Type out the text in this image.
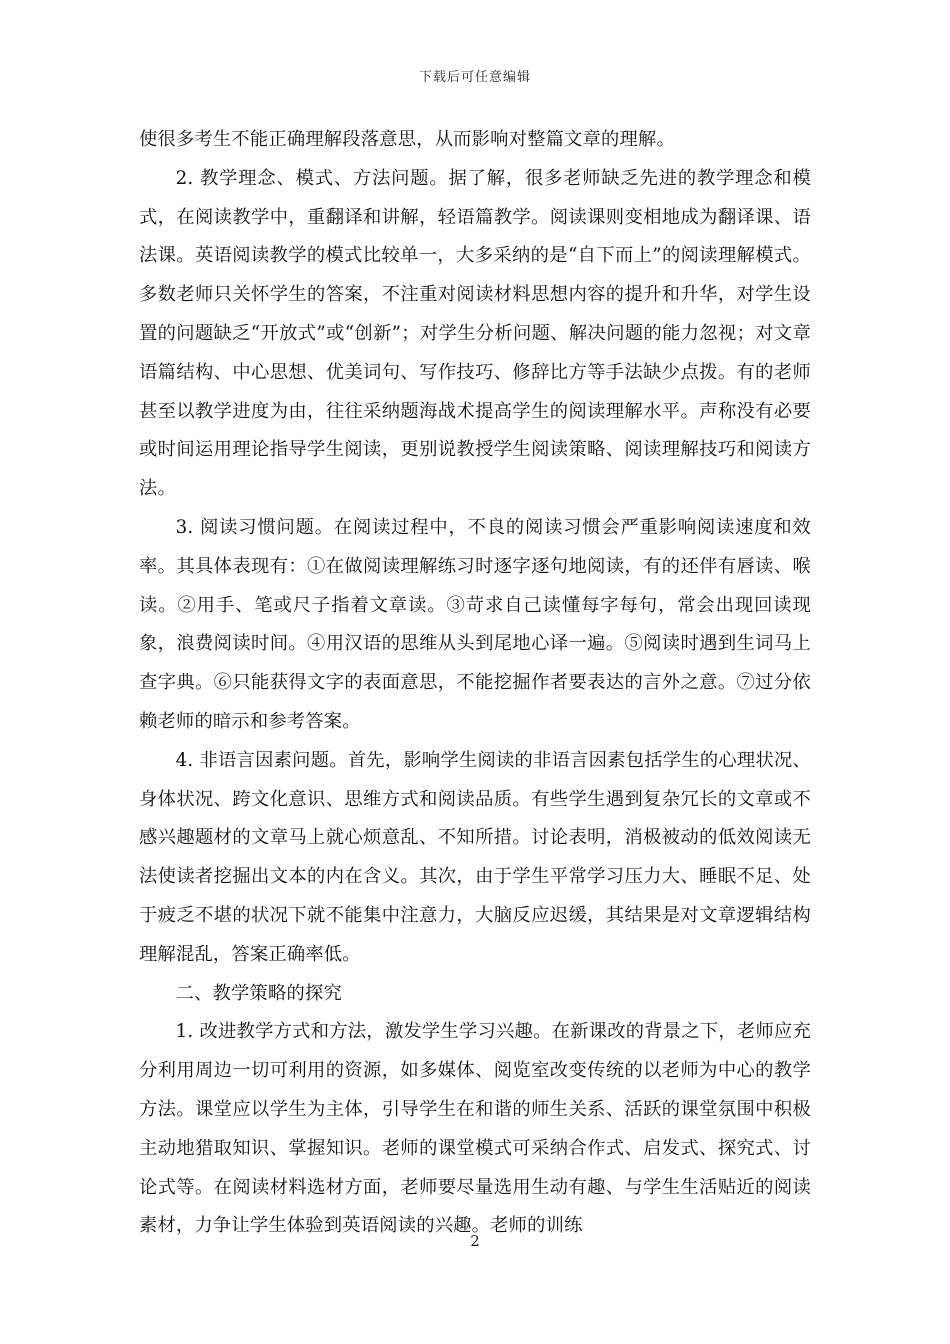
下载后可任意编辑

使很多考生不能正确理解段落意思，从而影响对整篇文章的理解。

2. 教学理念、模式、方法问题。据了解，很多老师缺乏先进的教学理念和模式，在阅读教学中，重翻译和讲解，轻语篇教学。阅读课则变相地成为翻译课、语法课。英语阅读教学的模式比较单一，大多采纳的是“自下而上”的阅读理解模式。多数老师只关怀学生的答案，不注重对阅读材料思想内容的提升和升华，对学生设置的问题缺乏“开放式”或“创新”；对学生分析问题、解决问题的能力忽视；对文章语篇结构、中心思想、优美词句、写作技巧、修辞比方等手法缺少点拨。有的老师甚至以教学进度为由，往往采纳题海战术提高学生的阅读理解水平。声称没有必要或时间运用理论指导学生阅读，更别说教授学生阅读策略、阅读理解技巧和阅读方法。

3. 阅读习惯问题。在阅读过程中，不良的阅读习惯会严重影响阅读速度和效率。其具体表现有：①在做阅读理解练习时逐字逐句地阅读，有的还伴有唇读、喉读。②用手、笔或尺子指着文章读。③苛求自己读懂每字每句，常会出现回读现象，浪费阅读时间。④用汉语的思维从头到尾地心译一遍。⑤阅读时遇到生词马上查字典。⑥只能获得文字的表面意思，不能挖掘作者要表达的言外之意。⑦过分依赖老师的暗示和参考答案。

4. 非语言因素问题。首先，影响学生阅读的非语言因素包括学生的心理状况、身体状况、跨文化意识、思维方式和阅读品质。有些学生遇到复杂冗长的文章或不感兴趣题材的文章马上就心烦意乱、不知所措。讨论表明，消极被动的低效阅读无法使读者挖掘出文本的内在含义。其次，由于学生平常学习压力大、睡眠不足、处于疲乏不堪的状况下就不能集中注意力，大脑反应迟缓，其结果是对文章逻辑结构理解混乱，答案正确率低。

二、教学策略的探究

1. 改进教学方式和方法，激发学生学习兴趣。在新课改的背景之下，老师应充分利用周边一切可利用的资源，如多媒体、阅览室改变传统的以老师为中心的教学方法。课堂应以学生为主体，引导学生在和谐的师生关系、活跃的课堂氛围中积极主动地猎取知识、掌握知识。老师的课堂模式可采纳合作式、启发式、探究式、讨论式等。在阅读材料选材方面，老师要尽量选用生动有趣、与学生生活贴近的阅读素材，力争让学生体验到英语阅读的兴趣。老师的训练

2
